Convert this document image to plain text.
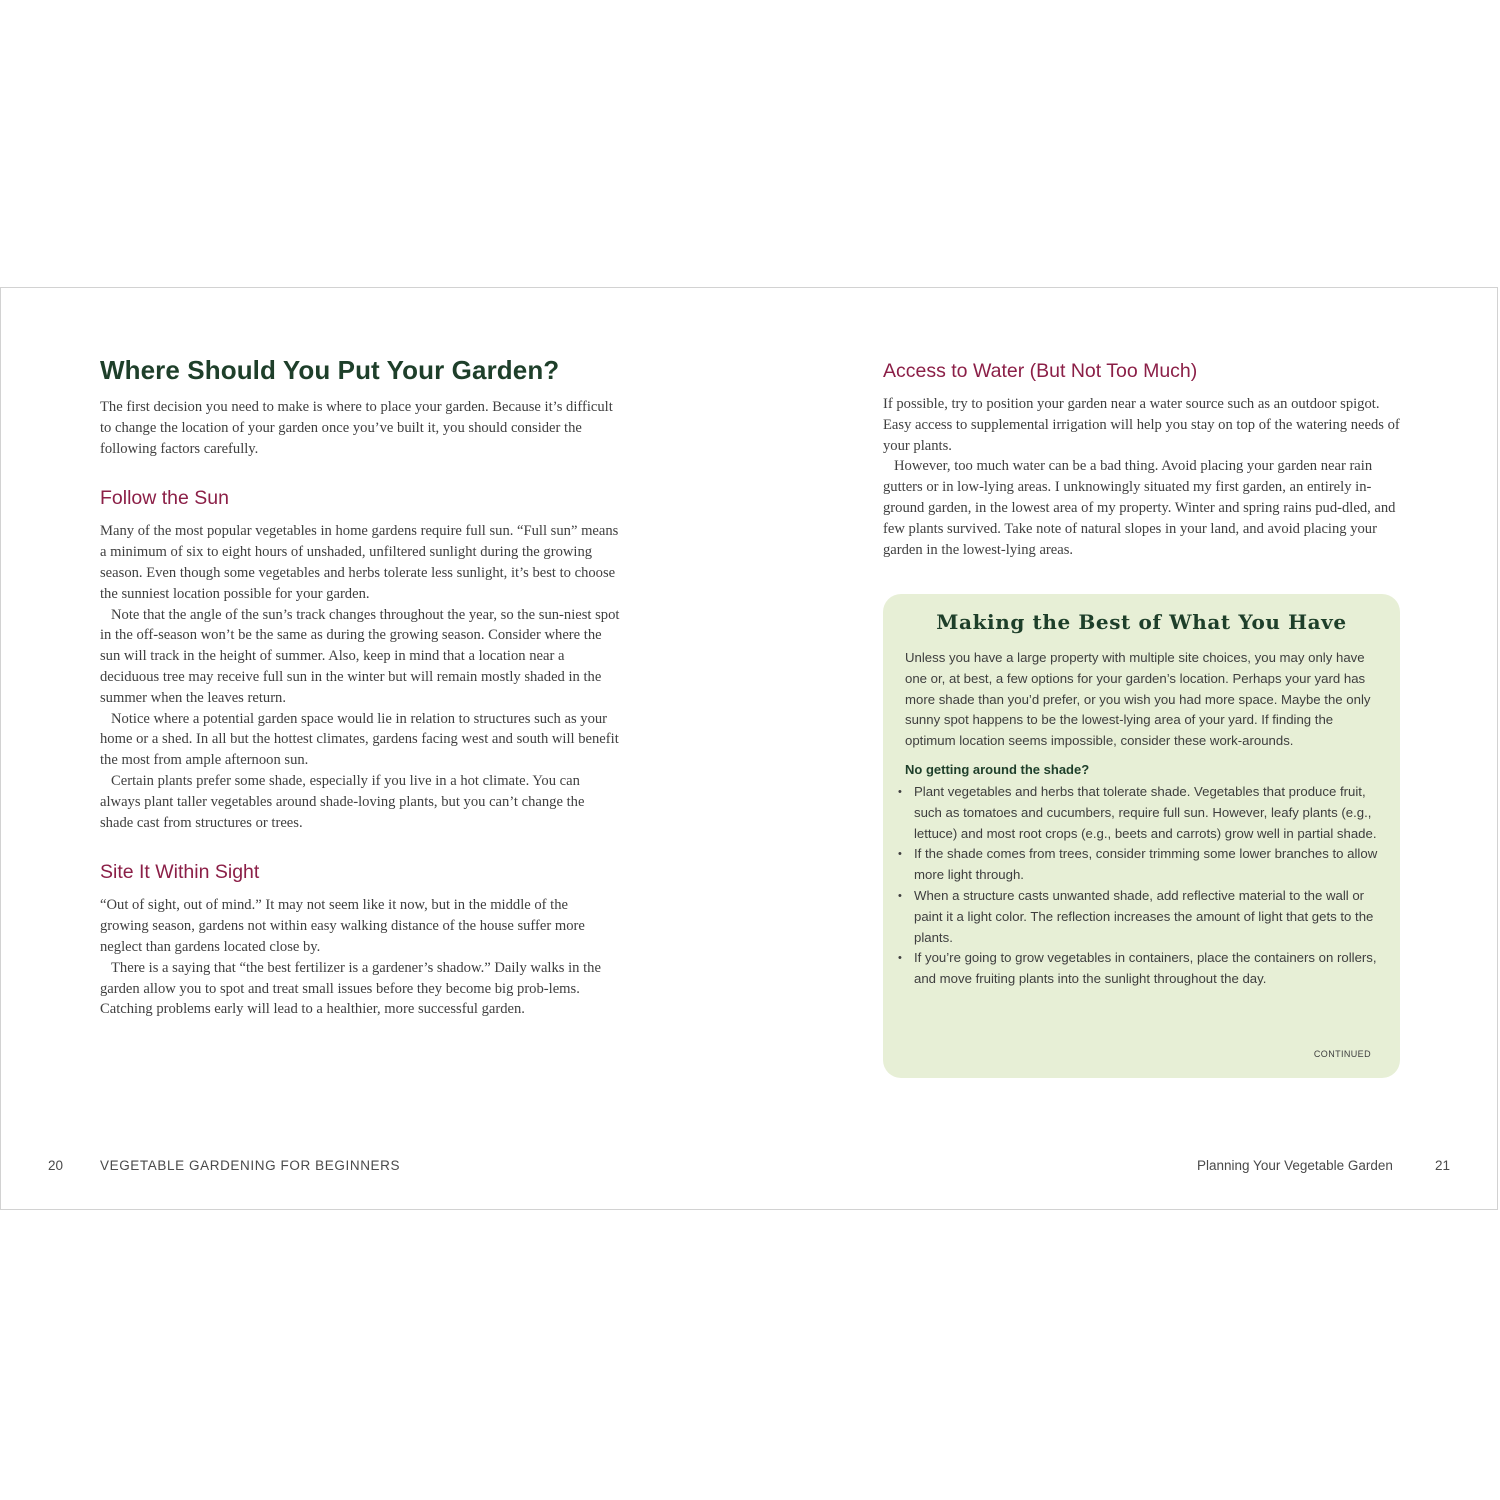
Where Should You Put Your Garden?

The first decision you need to make is where to place your garden. Because it’s difficult to change the location of your garden once you’ve built it, you should consider the following factors carefully.

Follow the Sun

Many of the most popular vegetables in home gardens require full sun. “Full sun” means a minimum of six to eight hours of unshaded, unfiltered sunlight during the growing season. Even though some vegetables and herbs tolerate less sunlight, it’s best to choose the sunniest location possible for your garden.

Note that the angle of the sun’s track changes throughout the year, so the sun-niest spot in the off-season won’t be the same as during the growing season. Consider where the sun will track in the height of summer. Also, keep in mind that a location near a deciduous tree may receive full sun in the winter but will remain mostly shaded in the summer when the leaves return.

Notice where a potential garden space would lie in relation to structures such as your home or a shed. In all but the hottest climates, gardens facing west and south will benefit the most from ample afternoon sun.

Certain plants prefer some shade, especially if you live in a hot climate. You can always plant taller vegetables around shade-loving plants, but you can’t change the shade cast from structures or trees.

Site It Within Sight

“Out of sight, out of mind.” It may not seem like it now, but in the middle of the growing season, gardens not within easy walking distance of the house suffer more neglect than gardens located close by.

There is a saying that “the best fertilizer is a gardener’s shadow.” Daily walks in the garden allow you to spot and treat small issues before they become big prob-lems. Catching problems early will lead to a healthier, more successful garden.

Access to Water (But Not Too Much)

If possible, try to position your garden near a water source such as an outdoor spigot. Easy access to supplemental irrigation will help you stay on top of the watering needs of your plants.

However, too much water can be a bad thing. Avoid placing your garden near rain gutters or in low-lying areas. I unknowingly situated my first garden, an entirely in-ground garden, in the lowest area of my property. Winter and spring rains pud-dled, and few plants survived. Take note of natural slopes in your land, and avoid placing your garden in the lowest-lying areas.

Making the Best of What You Have

Unless you have a large property with multiple site choices, you may only have one or, at best, a few options for your garden’s location. Perhaps your yard has more shade than you’d prefer, or you wish you had more space. Maybe the only sunny spot happens to be the lowest-lying area of your yard. If finding the optimum location seems impossible, consider these work-arounds.

No getting around the shade?

• Plant vegetables and herbs that tolerate shade. Vegetables that produce fruit, such as tomatoes and cucumbers, require full sun. However, leafy plants (e.g., lettuce) and most root crops (e.g., beets and carrots) grow well in partial shade.
• If the shade comes from trees, consider trimming some lower branches to allow more light through.
• When a structure casts unwanted shade, add reflective material to the wall or paint it a light color. The reflection increases the amount of light that gets to the plants.
• If you’re going to grow vegetables in containers, place the containers on rollers, and move fruiting plants into the sunlight throughout the day.
CONTINUED
20	VEGETABLE GARDENING FOR BEGINNERS	Planning Your Vegetable Garden	21
